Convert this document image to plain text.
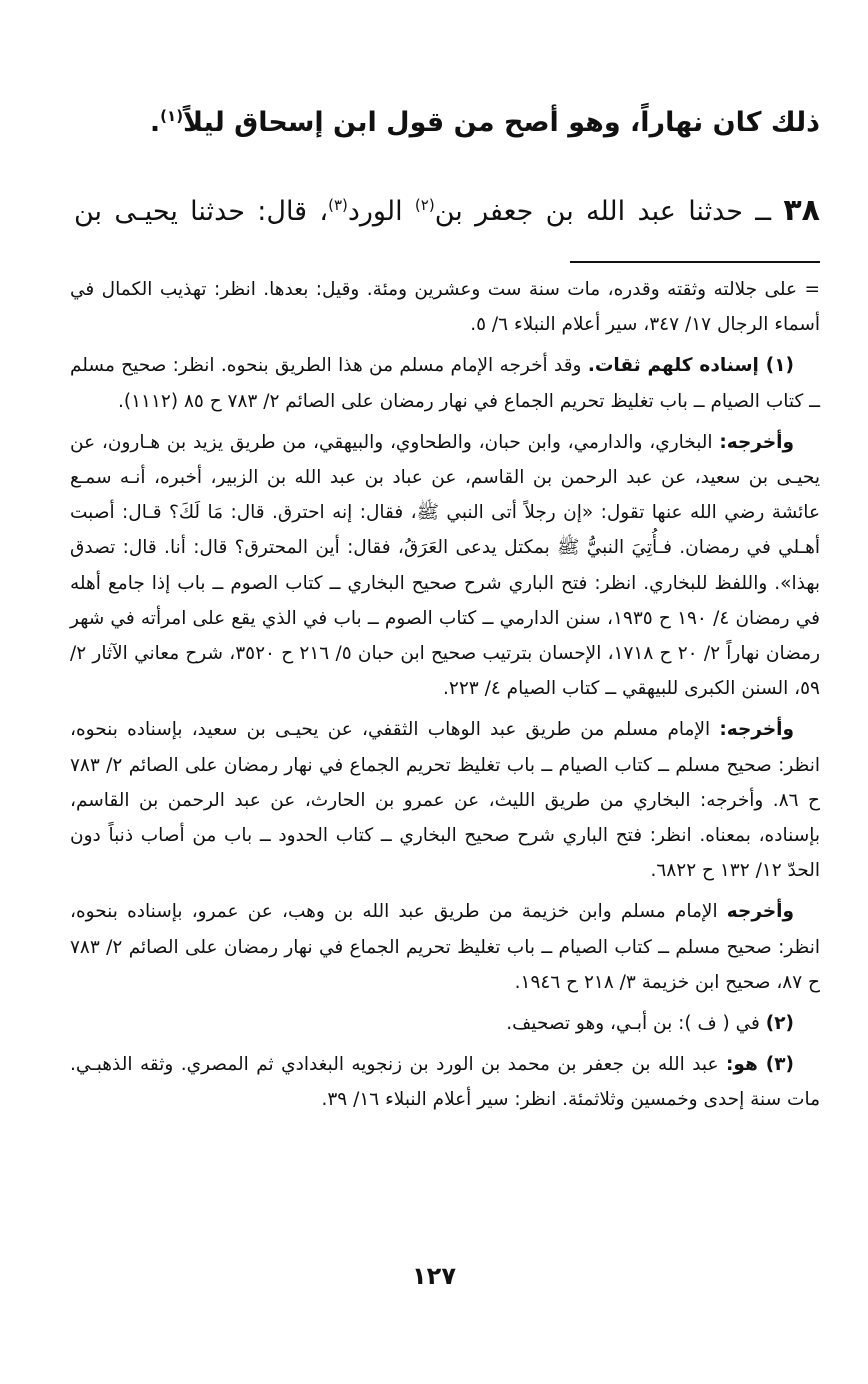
ذلك كان نهاراً، وهو أصح من قول ابن إسحاق ليلاً$^{(١)}$.
٣٨ ــ حدثنا عبد الله بن جعفر بن$^{(٢)}$ الورد$^{(٣)}$، قال: حدثنا يحيـى بن

= على جلالته وثقته وقدره، مات سنة ست وعشرين ومئة. وقيل: بعدها. انظر: تهذيب الكمال في أسماء الرجال ١٧/ ٣٤٧، سير أعلام النبلاء ٦/ ٥.

(١) إسناده كلهم ثقات. وقد أخرجه الإمام مسلم من هذا الطريق بنحوه. انظر: صحيح مسلم ــ كتاب الصيام ــ باب تغليظ تحريم الجماع في نهار رمضان على الصائم ٢/ ٧٨٣ ح ٨٥ (١١١٢).

وأخرجه: البخاري، والدارمي، وابن حبان، والطحاوي، والبيهقي، من طريق يزيد بن هـارون، عن يحيـى بن سعيد، عن عبد الرحمن بن القاسم، عن عباد بن عبد الله بن الزبير، أخبره، أنـه سمـع عائشة رضي الله عنها تقول: «إن رجلاً أتى النبي ﷺ، فقال: إنه احترق. قال: مَا لَكَ؟ قـال: أصبت أهـلي في رمضان. فـأُتِيَ النبيُّ ﷺ بمكتل يدعى العَرَقُ، فقال: أين المحترق؟ قال: أنا. قال: تصدق بهذا». واللفظ للبخاري. انظر: فتح الباري شرح صحيح البخاري ــ كتاب الصوم ــ باب إذا جامع أهله في رمضان ٤/ ١٩٠ ح ١٩٣٥، سنن الدارمي ــ كتاب الصوم ــ باب في الذي يقع على امرأته في شهر رمضان نهاراً ٢/ ٢٠ ح ١٧١٨، الإحسان بترتيب صحيح ابن حبان ٥/ ٢١٦ ح ٣٥٢٠، شرح معاني الآثار ٢/ ٥٩، السنن الكبرى للبيهقي ــ كتاب الصيام ٤/ ٢٢٣.

وأخرجه: الإمام مسلم من طريق عبد الوهاب الثقفي، عن يحيـى بن سعيد، بإسناده بنحوه، انظر: صحيح مسلم ــ كتاب الصيام ــ باب تغليظ تحريم الجماع في نهار رمضان على الصائم ٢/ ٧٨٣ ح ٨٦. وأخرجه: البخاري من طريق الليث، عن عمرو بن الحارث، عن عبد الرحمن بن القاسم، بإسناده، بمعناه. انظر: فتح الباري شرح صحيح البخاري ــ كتاب الحدود ــ باب من أصاب ذنباً دون الحدّ ١٢/ ١٣٢ ح ٦٨٢٢.

وأخرجه الإمام مسلم وابن خزيمة من طريق عبد الله بن وهب، عن عمرو، بإسناده بنحوه، انظر: صحيح مسلم ــ كتاب الصيام ــ باب تغليظ تحريم الجماع في نهار رمضان على الصائم ٢/ ٧٨٣ ح ٨٧، صحيح ابن خزيمة ٣/ ٢١٨ ح ١٩٤٦.

(٢) في ( ف ): بن أبـي، وهو تصحيف.

(٣) هو: عبد الله بن جعفر بن محمد بن الورد بن زنجويه البغدادي ثم المصري. وثقه الذهبـي. مات سنة إحدى وخمسين وثلاثمئة. انظر: سير أعلام النبلاء ١٦/ ٣٩.

١٢٧
